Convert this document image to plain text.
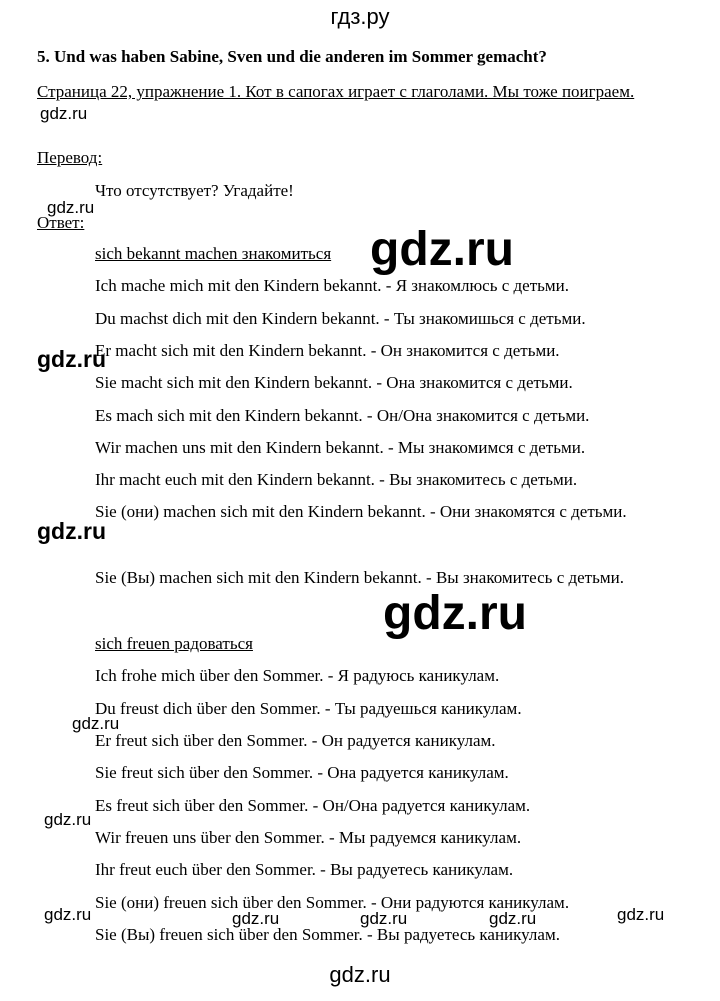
гдз.ру
5. Und was haben Sabine, Sven und die anderen im Sommer gemacht?
Страница 22, упражнение 1. Кот в сапогах играет с глаголами. Мы тоже поиграем.
Перевод:
Что отсутствует? Угадайте!
Ответ:
sich bekannt machen знакомиться
Ich mache mich mit den Kindern bekannt. - Я знакомлюсь с детьми.
Du machst dich mit den Kindern bekannt. - Ты знакомишься с детьми.
Er macht sich mit den Kindern bekannt. - Он знакомится с детьми.
Sie macht sich mit den Kindern bekannt. - Она знакомится с детьми.
Es mach sich mit den Kindern bekannt. - Он/Она знакомится с детьми.
Wir machen uns mit den Kindern bekannt. - Мы знакомимся с детьми.
Ihr macht euch mit den Kindern bekannt. - Вы знакомитесь с детьми.
Sie (они) machen sich mit den Kindern bekannt. - Они знакомятся с детьми.
Sie (Вы) machen sich mit den Kindern bekannt. - Вы знакомитесь с детьми.
sich freuen радоваться
Ich frohe mich über den Sommer. - Я радуюсь каникулам.
Du freust dich über den Sommer. - Ты радуешься каникулам.
Er freut sich über den Sommer. - Он радуется каникулам.
Sie freut sich über den Sommer. - Она радуется каникулам.
Es freut sich über den Sommer. - Он/Она радуется каникулам.
Wir freuen uns über den Sommer. - Мы радуемся каникулам.
Ihr freut euch über den Sommer. - Вы радуетесь каникулам.
Sie (они) freuen sich über den Sommer. - Они радуются каникулам.
Sie (Вы) freuen sich über den Sommer. - Вы радуетесь каникулам.
gdz.ru
gdz.ru
gdz.ru
gdz.ru
gdz.ru
gdz.ru
gdz.ru
gdz.ru
gdz.ru
gdz.ru	gdz.ru	gdz.ru	gdz.ru	gdz.ru
